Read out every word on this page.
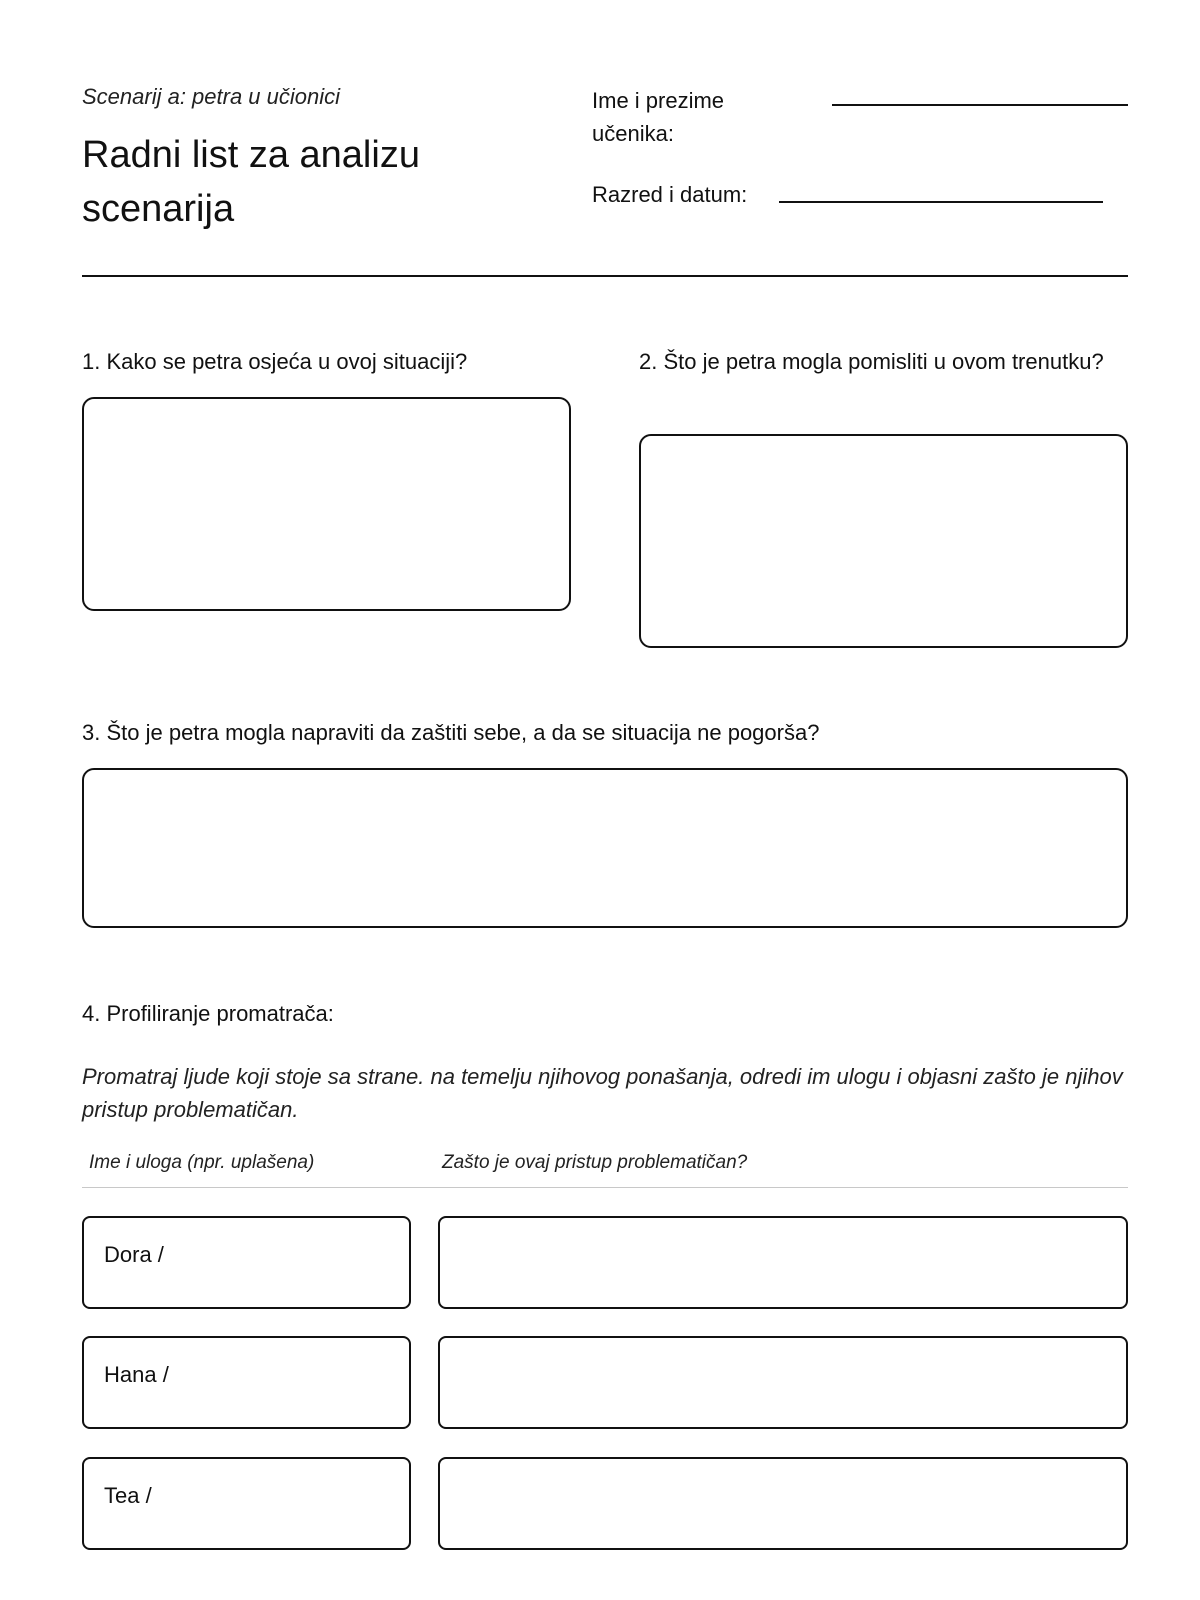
Scenarij a: petra u učionici
Radni list za analizu scenarija
Ime i prezime učenika:
Razred i datum:
1. Kako se petra osjeća u ovoj situaciji?	2. Što je petra mogla pomisliti u ovom trenutku?
3. Što je petra mogla napraviti da zaštiti sebe, a da se situacija ne pogorša?
4. Profiliranje promatrača:
Promatraj ljude koji stoje sa strane. na temelju njihovog ponašanja, odredi im ulogu i objasni zašto je njihov pristup problematičan.
Ime i uloga (npr. uplašena)	Zašto je ovaj pristup problematičan?
Dora /
Hana /
Tea /
